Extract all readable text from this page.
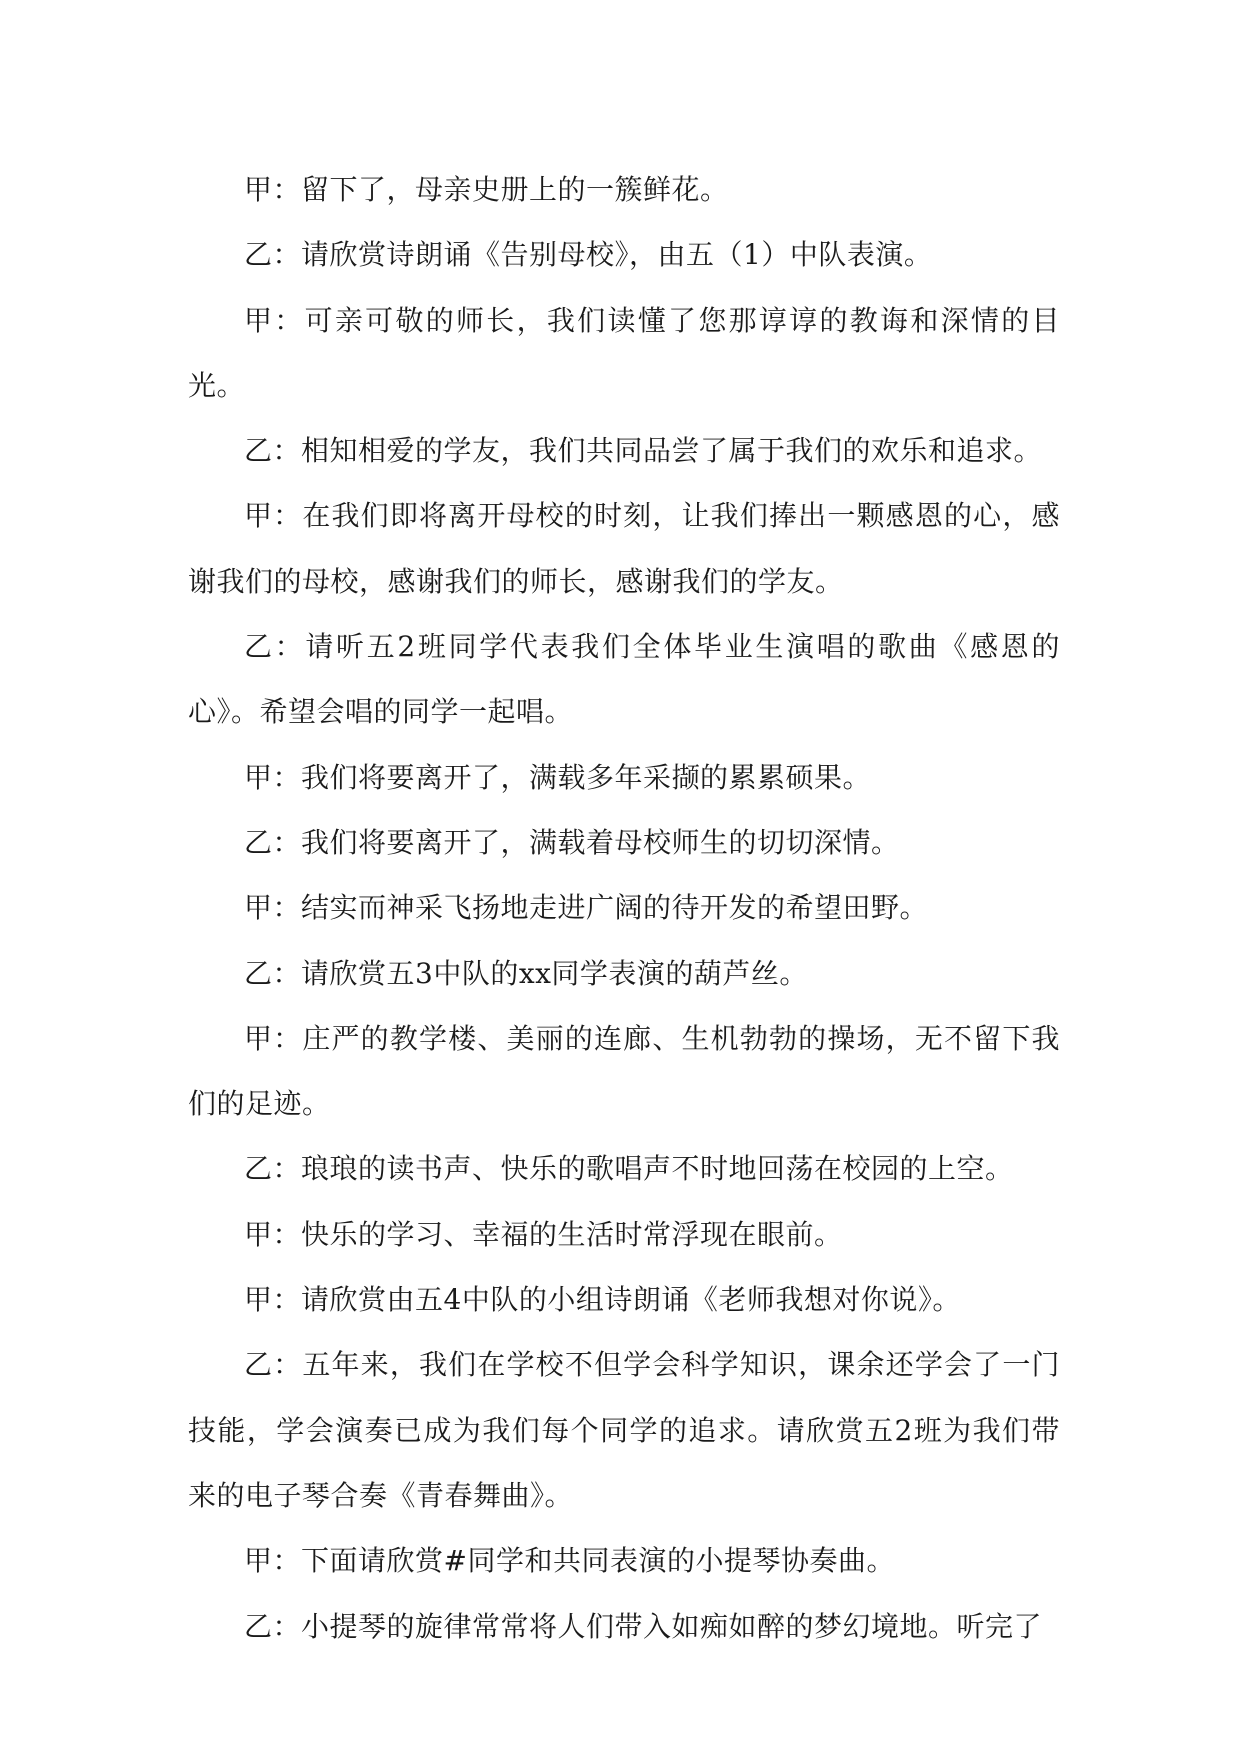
甲：留下了，母亲史册上的一簇鲜花。

乙：请欣赏诗朗诵《告别母校》，由五（1）中队表演。

甲：可亲可敬的师长，我们读懂了您那谆谆的教诲和深情的目光。

乙：相知相爱的学友，我们共同品尝了属于我们的欢乐和追求。

甲：在我们即将离开母校的时刻，让我们捧出一颗感恩的心，感谢我们的母校，感谢我们的师长，感谢我们的学友。

乙：请听五2班同学代表我们全体毕业生演唱的歌曲《感恩的心》。希望会唱的同学一起唱。

甲：我们将要离开了，满载多年采撷的累累硕果。

乙：我们将要离开了，满载着母校师生的切切深情。

甲：结实而神采飞扬地走进广阔的待开发的希望田野。

乙：请欣赏五3中队的xx同学表演的葫芦丝。

甲：庄严的教学楼、美丽的连廊、生机勃勃的操场，无不留下我们的足迹。

乙：琅琅的读书声、快乐的歌唱声不时地回荡在校园的上空。

甲：快乐的学习、幸福的生活时常浮现在眼前。

甲：请欣赏由五4中队的小组诗朗诵《老师我想对你说》。

乙：五年来，我们在学校不但学会科学知识，课余还学会了一门技能，学会演奏已成为我们每个同学的追求。请欣赏五2班为我们带来的电子琴合奏《青春舞曲》。

甲：下面请欣赏#同学和共同表演的小提琴协奏曲。

乙：小提琴的旋律常常将人们带入如痴如醉的梦幻境地。听完了
